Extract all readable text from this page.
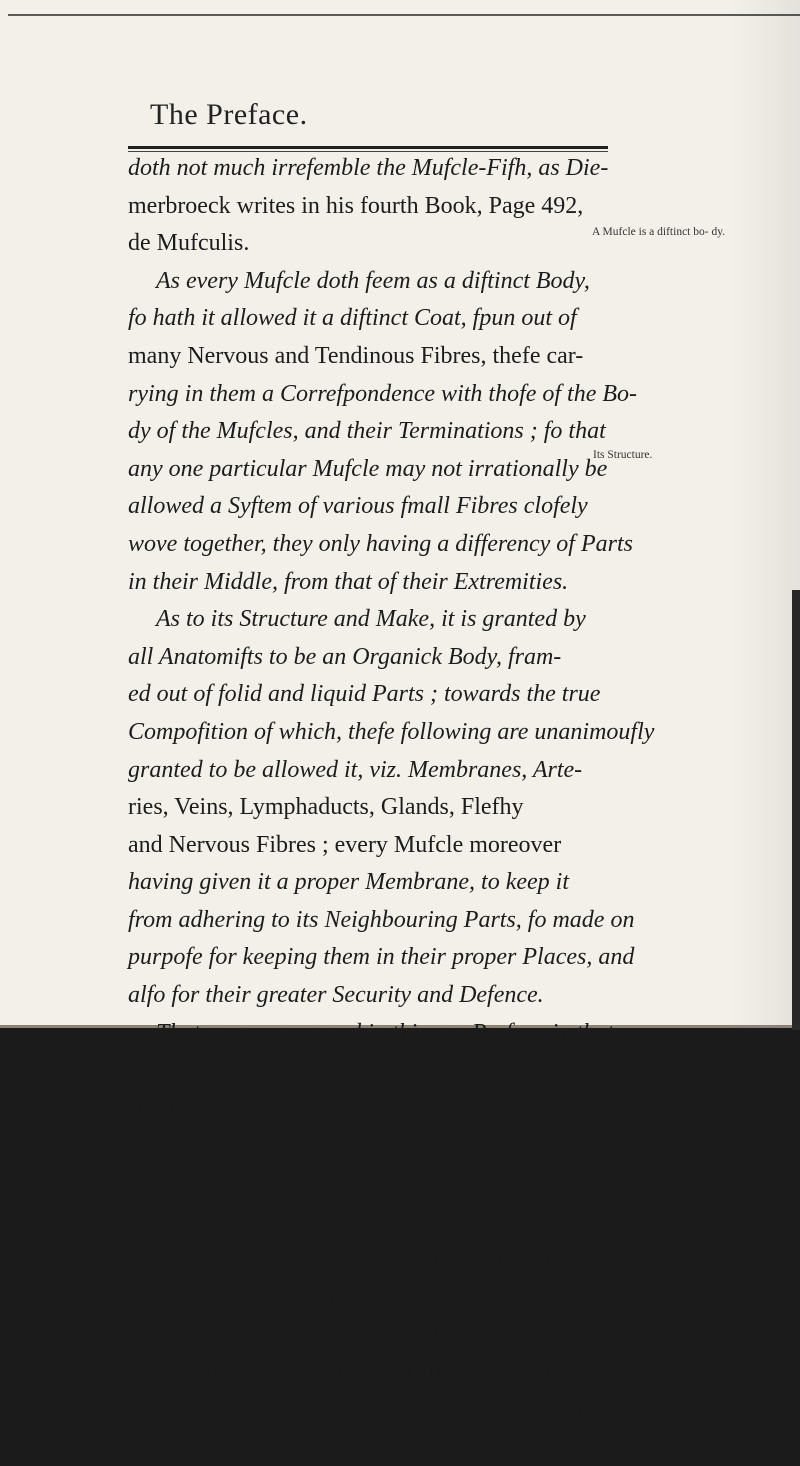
The Preface.
A Mufcle is a diftinct bo- dy.
Its Structure.
doth not much irrefemble the Mufcle-Fifh, as Die-
merbroeck writes in his fourth Book, Page 492,
de Mufculis.
As every Mufcle doth feem as a diftinct Body,
fo hath it allowed it a diftinct Coat, fpun out of
many Nervous and Tendinous Fibres, thefe car-
rying in them a Correfpondence with thofe of the Bo-
dy of the Mufcles, and their Terminations ; fo that
any one particular Mufcle may not irrationally be
allowed a Syftem of various fmall Fibres clofely
wove together, they only having a differency of Parts
in their Middle, from that of their Extremities.
As to its Structure and Make, it is granted by
all Anatomifts to be an Organick Body, fram-
ed out of folid and liquid Parts ; towards the true
Compofition of which, thefe following are unanimoufly
granted to be allowed it, viz. Membranes, Arte-
ries, Veins, Lymphaducts, Glands, Flefhy
and Nervous Fibres ; every Mufcle moreover
having given it a proper Membrane, to keep it
from adhering to its Neighbouring Parts, fo made on
purpofe for keeping them in their proper Places, and
alfo for their greater Security and Defence.
That we may proceed in this our Preface in that
Method Nature at the firft framed the Parts, we
are firft to Confider the Outward Parts of the Bo-
dy, that we may with more Eafe make a clearer way
to the Mufcles themfelves ; and here we fhall find,
upon tracing the Parts aright, That our two firft ufe-
ful Coverings which Nature hath Cloathed the Body
with, do firft prefent themfelves to our view, the one
commonly call'd Membrana Adipofa, and the other
Membrana Carnofa ; the firft taking its Name
from its Fatty Subftance, which indeed is no otherwife
[ c 2 ]	than
